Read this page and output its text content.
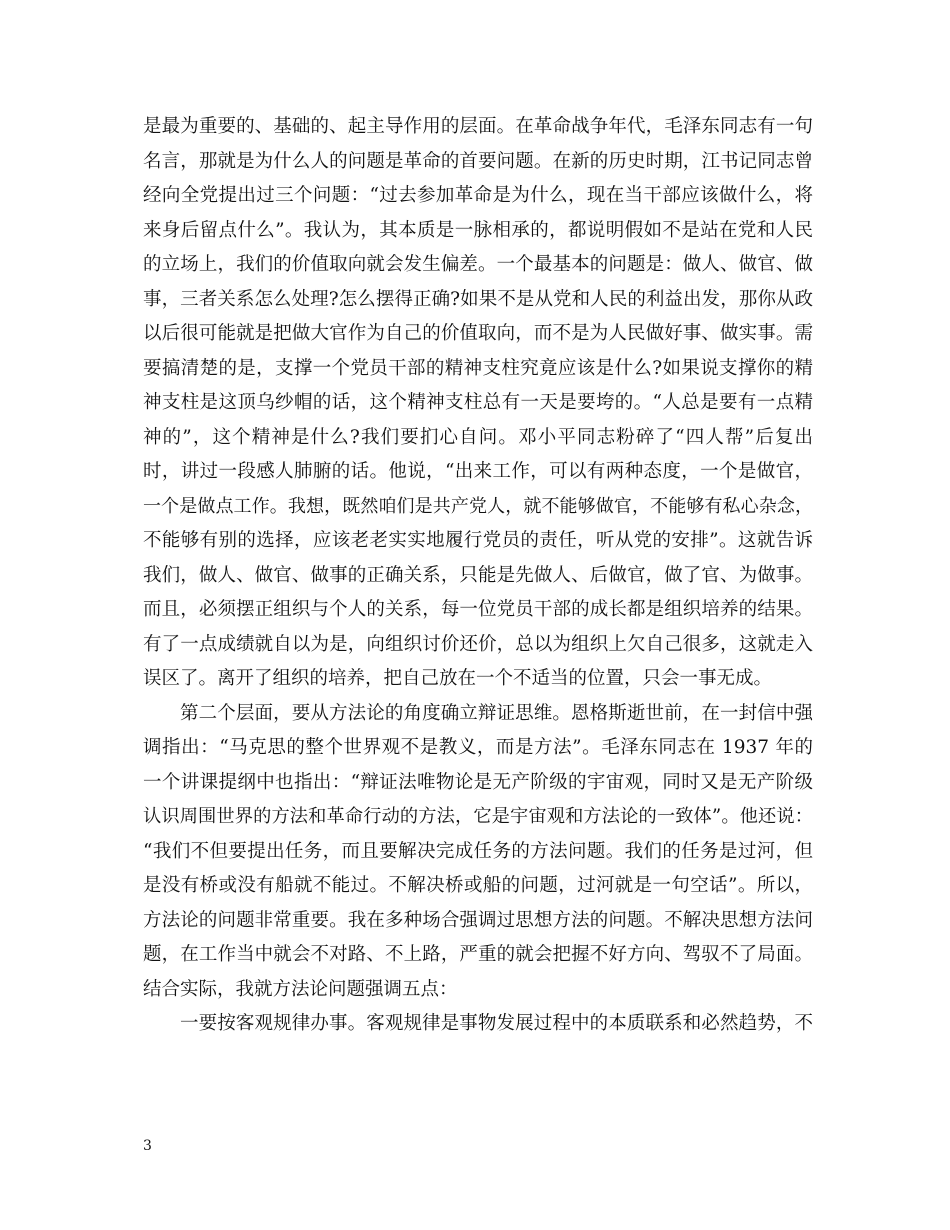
是最为重要的、基础的、起主导作用的层面。在革命战争年代，毛泽东同志有一句
名言，那就是为什么人的问题是革命的首要问题。在新的历史时期，江书记同志曾
经向全党提出过三个问题：“过去参加革命是为什么，现在当干部应该做什么，将
来身后留点什么”。我认为，其本质是一脉相承的，都说明假如不是站在党和人民
的立场上，我们的价值取向就会发生偏差。一个最基本的问题是：做人、做官、做
事，三者关系怎么处理?怎么摆得正确?如果不是从党和人民的利益出发，那你从政
以后很可能就是把做大官作为自己的价值取向，而不是为人民做好事、做实事。需
要搞清楚的是，支撑一个党员干部的精神支柱究竟应该是什么?如果说支撑你的精
神支柱是这顶乌纱帽的话，这个精神支柱总有一天是要垮的。“人总是要有一点精
神的”，这个精神是什么?我们要扪心自问。邓小平同志粉碎了“四人帮”后复出
时，讲过一段感人肺腑的话。他说，“出来工作，可以有两种态度，一个是做官，
一个是做点工作。我想，既然咱们是共产党人，就不能够做官，不能够有私心杂念，
不能够有别的选择，应该老老实实地履行党员的责任，听从党的安排”。这就告诉
我们，做人、做官、做事的正确关系，只能是先做人、后做官，做了官、为做事。
而且，必须摆正组织与个人的关系，每一位党员干部的成长都是组织培养的结果。
有了一点成绩就自以为是，向组织讨价还价，总以为组织上欠自己很多，这就走入
误区了。离开了组织的培养，把自己放在一个不适当的位置，只会一事无成。
第二个层面，要从方法论的角度确立辩证思维。恩格斯逝世前，在一封信中强
调指出：“马克思的整个世界观不是教义，而是方法”。毛泽东同志在 1937 年的
一个讲课提纲中也指出：“辩证法唯物论是无产阶级的宇宙观，同时又是无产阶级
认识周围世界的方法和革命行动的方法，它是宇宙观和方法论的一致体”。他还说：
“我们不但要提出任务，而且要解决完成任务的方法问题。我们的任务是过河，但
是没有桥或没有船就不能过。不解决桥或船的问题，过河就是一句空话”。所以，
方法论的问题非常重要。我在多种场合强调过思想方法的问题。不解决思想方法问
题，在工作当中就会不对路、不上路，严重的就会把握不好方向、驾驭不了局面。
结合实际，我就方法论问题强调五点：
一要按客观规律办事。客观规律是事物发展过程中的本质联系和必然趋势，不
3
